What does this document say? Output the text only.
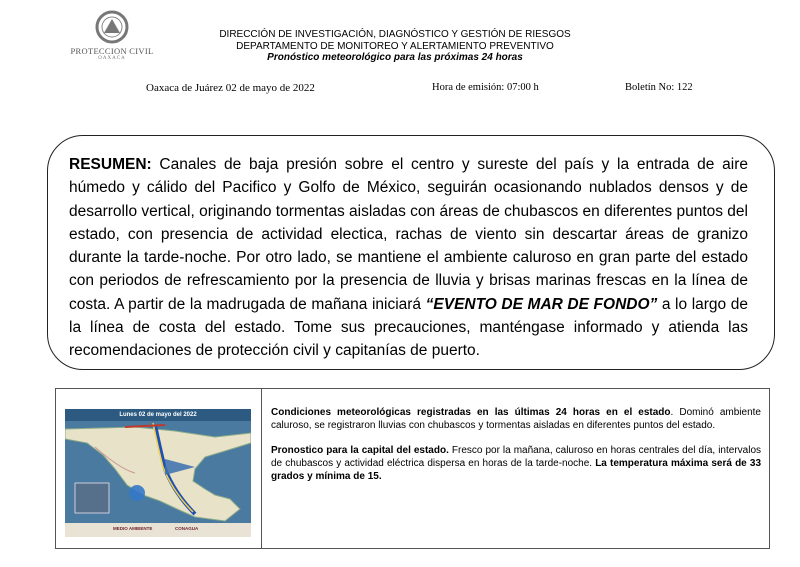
PROTECCION CIVIL
OAXACA
DIRECCIÓN DE INVESTIGACIÓN, DIAGNÓSTICO Y GESTIÓN DE RIESGOS
DEPARTAMENTO DE MONITOREO Y ALERTAMIENTO PREVENTIVO
Pronóstico meteorológico para las próximas 24 horas
Oaxaca de Juárez 02 de mayo de 2022	Hora de emisión: 07:00 h	Boletín No: 122
RESUMEN: Canales de baja presión sobre el centro y sureste del país y la entrada de aire húmedo y cálido del Pacifico y Golfo de México, seguirán ocasionando nublados densos y de desarrollo vertical, originando tormentas aisladas con áreas de chubascos en diferentes puntos del estado, con presencia de actividad electica, rachas de viento sin descartar áreas de granizo durante la tarde-noche. Por otro lado, se mantiene el ambiente caluroso en gran parte del estado con periodos de refrescamiento por la presencia de lluvia y brisas marinas frescas en la línea de costa. A partir de la madrugada de mañana iniciará “EVENTO DE MAR DE FONDO” a lo largo de la línea de costa del estado. Tome sus precauciones, manténgase informado y atienda las recomendaciones de protección civil y capitanías de puerto.
Lunes 02 de mayo del 2022
MEDIO AMBIENTE	CONAGUA

Condiciones meteorológicas registradas en las últimas 24 horas en el estado. Dominó ambiente caluroso, se registraron lluvias con chubascos y tormentas aisladas en diferentes puntos del estado.

Pronostico para la capital del estado. Fresco por la mañana, caluroso en horas centrales del día, intervalos de chubascos y actividad eléctrica dispersa en horas de la tarde-noche. La temperatura máxima será de 33 grados y mínima de 15.
